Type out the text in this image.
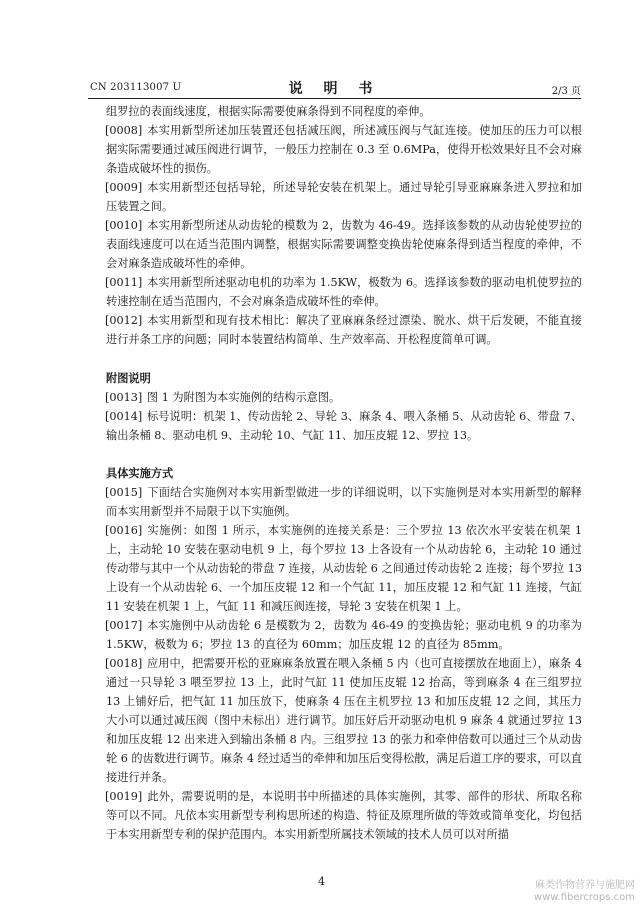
CN 203113007 U	说 明 书	2/3 页

组罗拉的表面线速度，根据实际需要使麻条得到不同程度的牵伸。

[0008] 本实用新型所述加压装置还包括减压阀，所述减压阀与气缸连接。使加压的压力可以根据实际需要通过减压阀进行调节，一般压力控制在 0.3 至 0.6MPa，使得开松效果好且不会对麻条造成破坏性的损伤。

[0009] 本实用新型还包括导轮，所述导轮安装在机架上。通过导轮引导亚麻麻条进入罗拉和加压装置之间。

[0010] 本实用新型所述从动齿轮的模数为 2，齿数为 46-49。选择该参数的从动齿轮使罗拉的表面线速度可以在适当范围内调整，根据实际需要调整变换齿轮使麻条得到适当程度的牵伸，不会对麻条造成破坏性的牵伸。

[0011] 本实用新型所述驱动电机的功率为 1.5KW，极数为 6。选择该参数的驱动电机使罗拉的转速控制在适当范围内，不会对麻条造成破坏性的牵伸。

[0012] 本实用新型和现有技术相比：解决了亚麻麻条经过漂染、脱水、烘干后发硬，不能直接进行并条工序的问题；同时本装置结构简单、生产效率高、开松程度简单可调。

附图说明

[0013] 图 1 为附图为本实施例的结构示意图。

[0014] 标号说明：机架 1、传动齿轮 2、导轮 3、麻条 4、喂入条桶 5、从动齿轮 6、带盘 7、输出条桶 8、驱动电机 9、主动轮 10、气缸 11、加压皮辊 12、罗拉 13。

具体实施方式

[0015] 下面结合实施例对本实用新型做进一步的详细说明，以下实施例是对本实用新型的解释而本实用新型并不局限于以下实施例。

[0016] 实施例：如图 1 所示，本实施例的连接关系是：三个罗拉 13 依次水平安装在机架 1 上，主动轮 10 安装在驱动电机 9 上，每个罗拉 13 上各设有一个从动齿轮 6，主动轮 10 通过传动带与其中一个从动齿轮的带盘 7 连接，从动齿轮 6 之间通过传动齿轮 2 连接；每个罗拉 13 上设有一个从动齿轮 6、一个加压皮辊 12 和一个气缸 11，加压皮辊 12 和气缸 11 连接，气缸 11 安装在机架 1 上，气缸 11 和减压阀连接，导轮 3 安装在机架 1 上。

[0017] 本实施例中从动齿轮 6 是模数为 2，齿数为 46-49 的变换齿轮；驱动电机 9 的功率为 1.5KW，极数为 6；罗拉 13 的直径为 60mm；加压皮辊 12 的直径为 85mm。

[0018] 应用中，把需要开松的亚麻麻条放置在喂入条桶 5 内（也可直接摆放在地面上），麻条 4 通过一只导轮 3 喂至罗拉 13 上，此时气缸 11 使加压皮辊 12 抬高，等到麻条 4 在三组罗拉 13 上铺好后，把气缸 11 加压放下，使麻条 4 压在主机罗拉 13 和加压皮辊 12 之间，其压力大小可以通过减压阀（图中未标出）进行调节。加压好后开动驱动电机 9 麻条 4 就通过罗拉 13 和加压皮辊 12 出来进入到输出条桶 8 内。三组罗拉 13 的张力和牵伸倍数可以通过三个从动齿轮 6 的齿数进行调节。麻条 4 经过适当的牵伸和加压后变得松散，满足后道工序的要求，可以直接进行并条。

[0019] 此外，需要说明的是，本说明书中所描述的具体实施例，其零、部件的形状、所取名称等可以不同。凡依本实用新型专利构思所述的构造、特征及原理所做的等效或简单变化，均包括于本实用新型专利的保护范围内。本实用新型所属技术领域的技术人员可以对所描

4	麻类作物营养与施肥网
www.fibercrops.com
